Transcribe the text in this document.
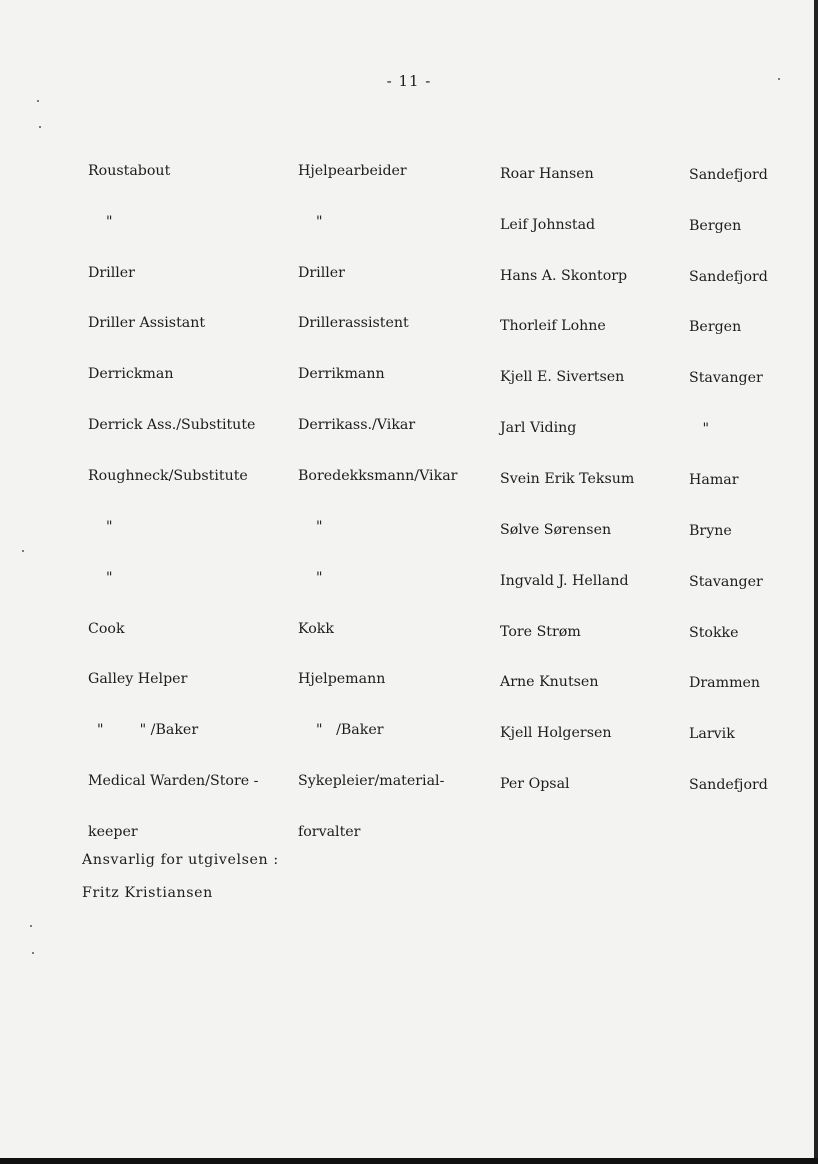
- 11 -

Roustabout

"

Driller

Driller Assistant

Derrickman

Derrick Ass./Substitute

Roughneck/Substitute

"

"

Cook

Galley Helper

"        " /Baker

Medical Warden/Store -

keeper

Hjelpearbeider

"

Driller

Drillerassistent

Derrikmann

Derrikass./Vikar

Boredekksmann/Vikar

"

"

Kokk

Hjelpemann

"   /Baker

Sykepleier/material-

forvalter

Roar Hansen

Leif Johnstad

Hans A. Skontorp

Thorleif Lohne

Kjell E. Sivertsen

Jarl Viding

Svein Erik Teksum

Sølve Sørensen

Ingvald J. Helland

Tore Strøm

Arne Knutsen

Kjell Holgersen

Per Opsal

Sandefjord

Bergen

Sandefjord

Bergen

Stavanger

"

Hamar

Bryne

Stavanger

Stokke

Drammen

Larvik

Sandefjord

Ansvarlig for utgivelsen :
Fritz Kristiansen
